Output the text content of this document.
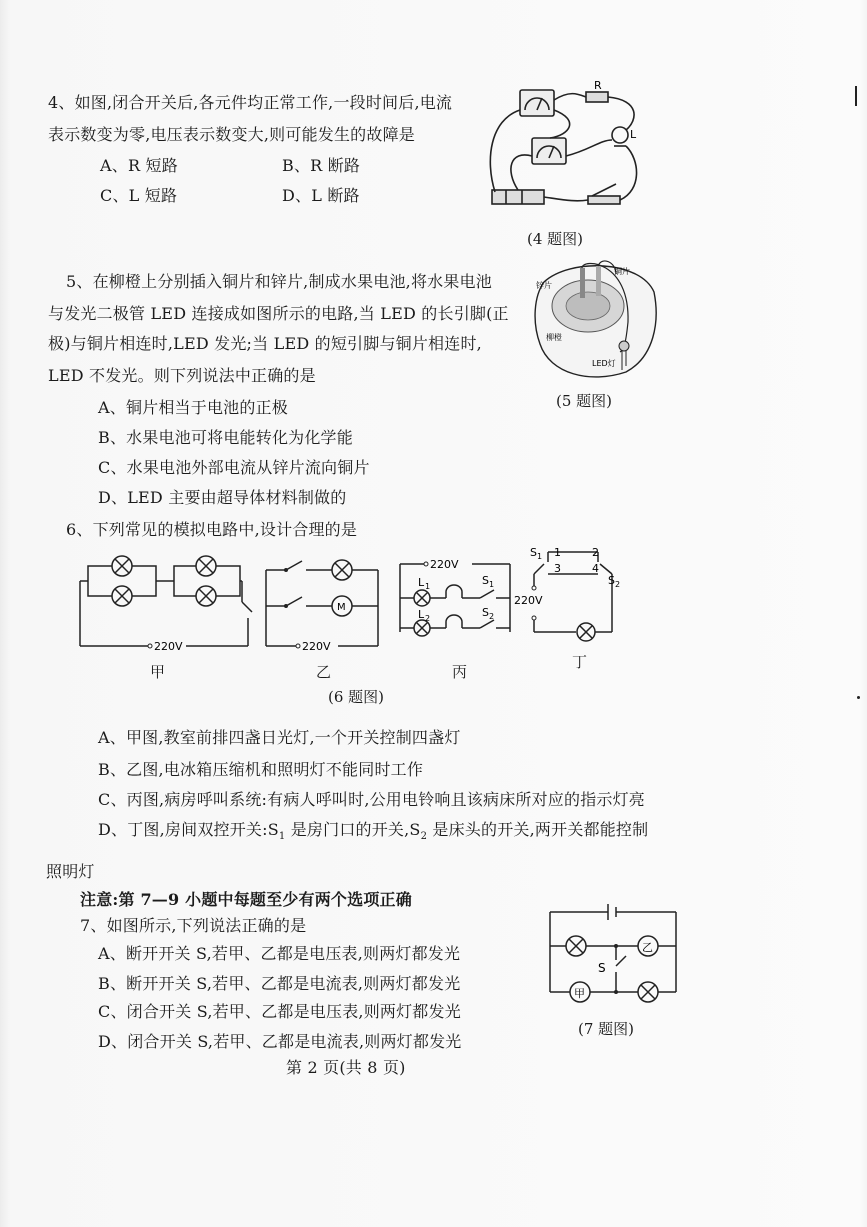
4、如图,闭合开关后,各元件均正常工作,一段时间后,电流
表示数变为零,电压表示数变大,则可能发生的故障是
A、R 短路	B、R 断路
C、L 短路	D、L 断路
R
L
(4 题图)
5、在柳橙上分别插入铜片和锌片,制成水果电池,将水果电池
与发光二极管 LED 连接成如图所示的电路,当 LED 的长引脚(正
极)与铜片相连时,LED 发光;当 LED 的短引脚与铜片相连时,
LED 不发光。则下列说法中正确的是
A、铜片相当于电池的正极
B、水果电池可将电能转化为化学能
C、水果电池外部电流从锌片流向铜片
D、LED 主要由超导体材料制做的
锌片
铜片
柳橙
LED灯
(5 题图)
6、下列常见的模拟电路中,设计合理的是
220V
甲
M
220V
乙
220V
L 1
L 2
S 1
S 2
丙
S 1 1	2
3	4
S 2
220V
丁
(6 题图)
A、甲图,教室前排四盏日光灯,一个开关控制四盏灯
B、乙图,电冰箱压缩机和照明灯不能同时工作
C、丙图,病房呼叫系统:有病人呼叫时,公用电铃响且该病床所对应的指示灯亮
D、丁图,房间双控开关$:S_1$ 是房门口的开关$,S_2$ 是床头的开关,两开关都能控制
照明灯
注意:第 7—9 小题中每题至少有两个选项正确
7、如图所示,下列说法正确的是
A、断开开关 S,若甲、乙都是电压表,则两灯都发光
B、断开开关 S,若甲、乙都是电流表,则两灯都发光
C、闭合开关 S,若甲、乙都是电压表,则两灯都发光
D、闭合开关 S,若甲、乙都是电流表,则两灯都发光
乙
甲
S
(7 题图)
第 2 页(共 8 页)
